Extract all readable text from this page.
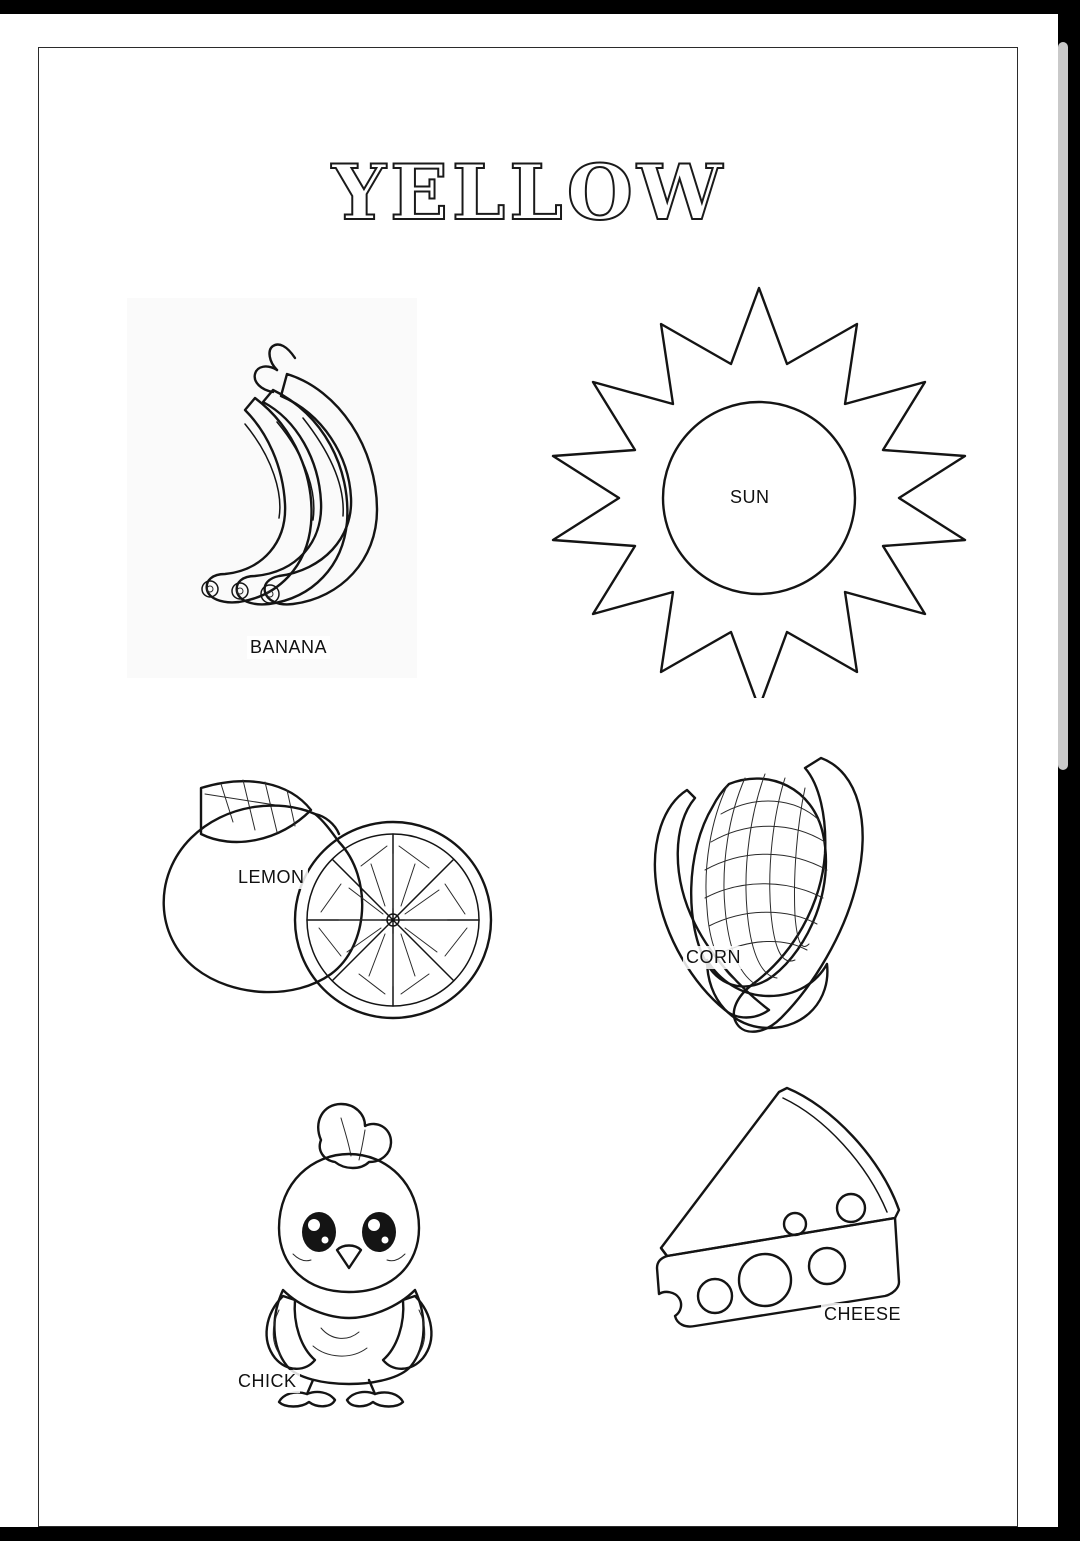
YELLOW
BANANA
SUN
LEMON
CORN
CHICK
CHEESE
